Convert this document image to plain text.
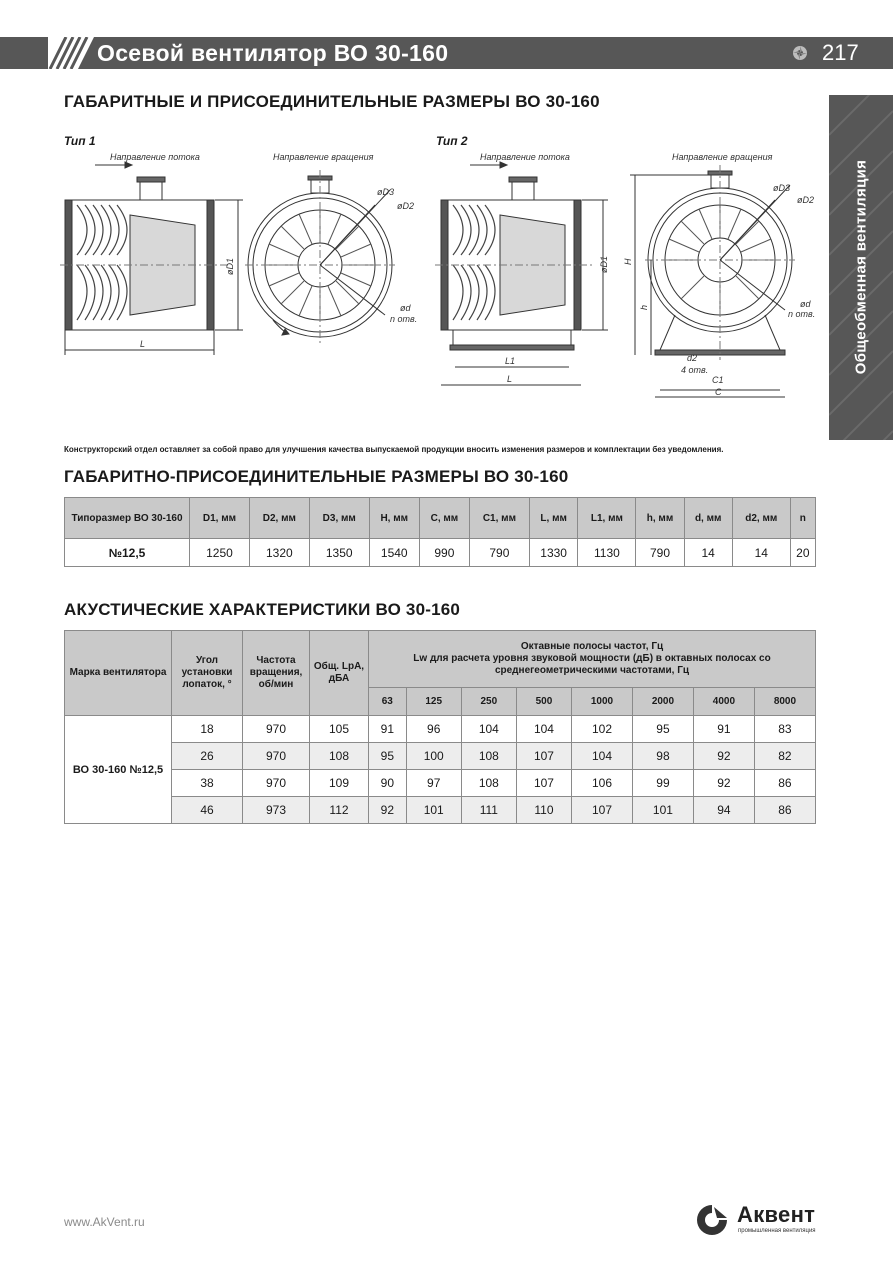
Осевой вентилятор ВО 30-160	217
Общеобменная вентиляция
ГАБАРИТНЫЕ И ПРИСОЕДИНИТЕЛЬНЫЕ РАЗМЕРЫ ВО 30-160
Тип 1	Тип 2
Направление потока
L
øD1
Направление вращения
øD3
øD2
ød
n отв.
Направление потока
L1
L
øD1
Направление вращения
øD3
øD2
ød
n отв.
H
h
d2
4 отв.
C1
C
Конструкторский отдел оставляет за собой право для улучшения качества выпускаемой продукции вносить изменения размеров и комплектации без уведомления.
ГАБАРИТНО-ПРИСОЕДИНИТЕЛЬНЫЕ РАЗМЕРЫ ВО 30-160
Типоразмер ВО 30-160	D1, мм	D2, мм	D3, мм	H, мм	C, мм	C1, мм	L, мм	L1, мм	h, мм	d, мм	d2, мм	n
№12,5	1250	1320	1350	1540	990	790	1330	1130	790	14	14	20
АКУСТИЧЕСКИЕ ХАРАКТЕРИСТИКИ ВО 30-160
Марка вентилятора	Угол установки лопаток, °	Частота вращения, об/мин	Общ. LpA, дБА	Октавные полосы частот, Гц
Lw для расчета уровня звуковой мощности (дБ) в октавных полосах со среднегеометрическими частотами, Гц							

				63	125	250	500	1000	2000	4000	8000
ВО 30-160 №12,5	18	970	105	91	96	104	104	102	95	91	83
	26	970	108	95	100	108	107	104	98	92	82
	38	970	109	90	97	108	107	106	99	92	86
	46	973	112	92	101	111	110	107	101	94	86
www.AkVent.ru	Аквент
промышленная вентиляция
